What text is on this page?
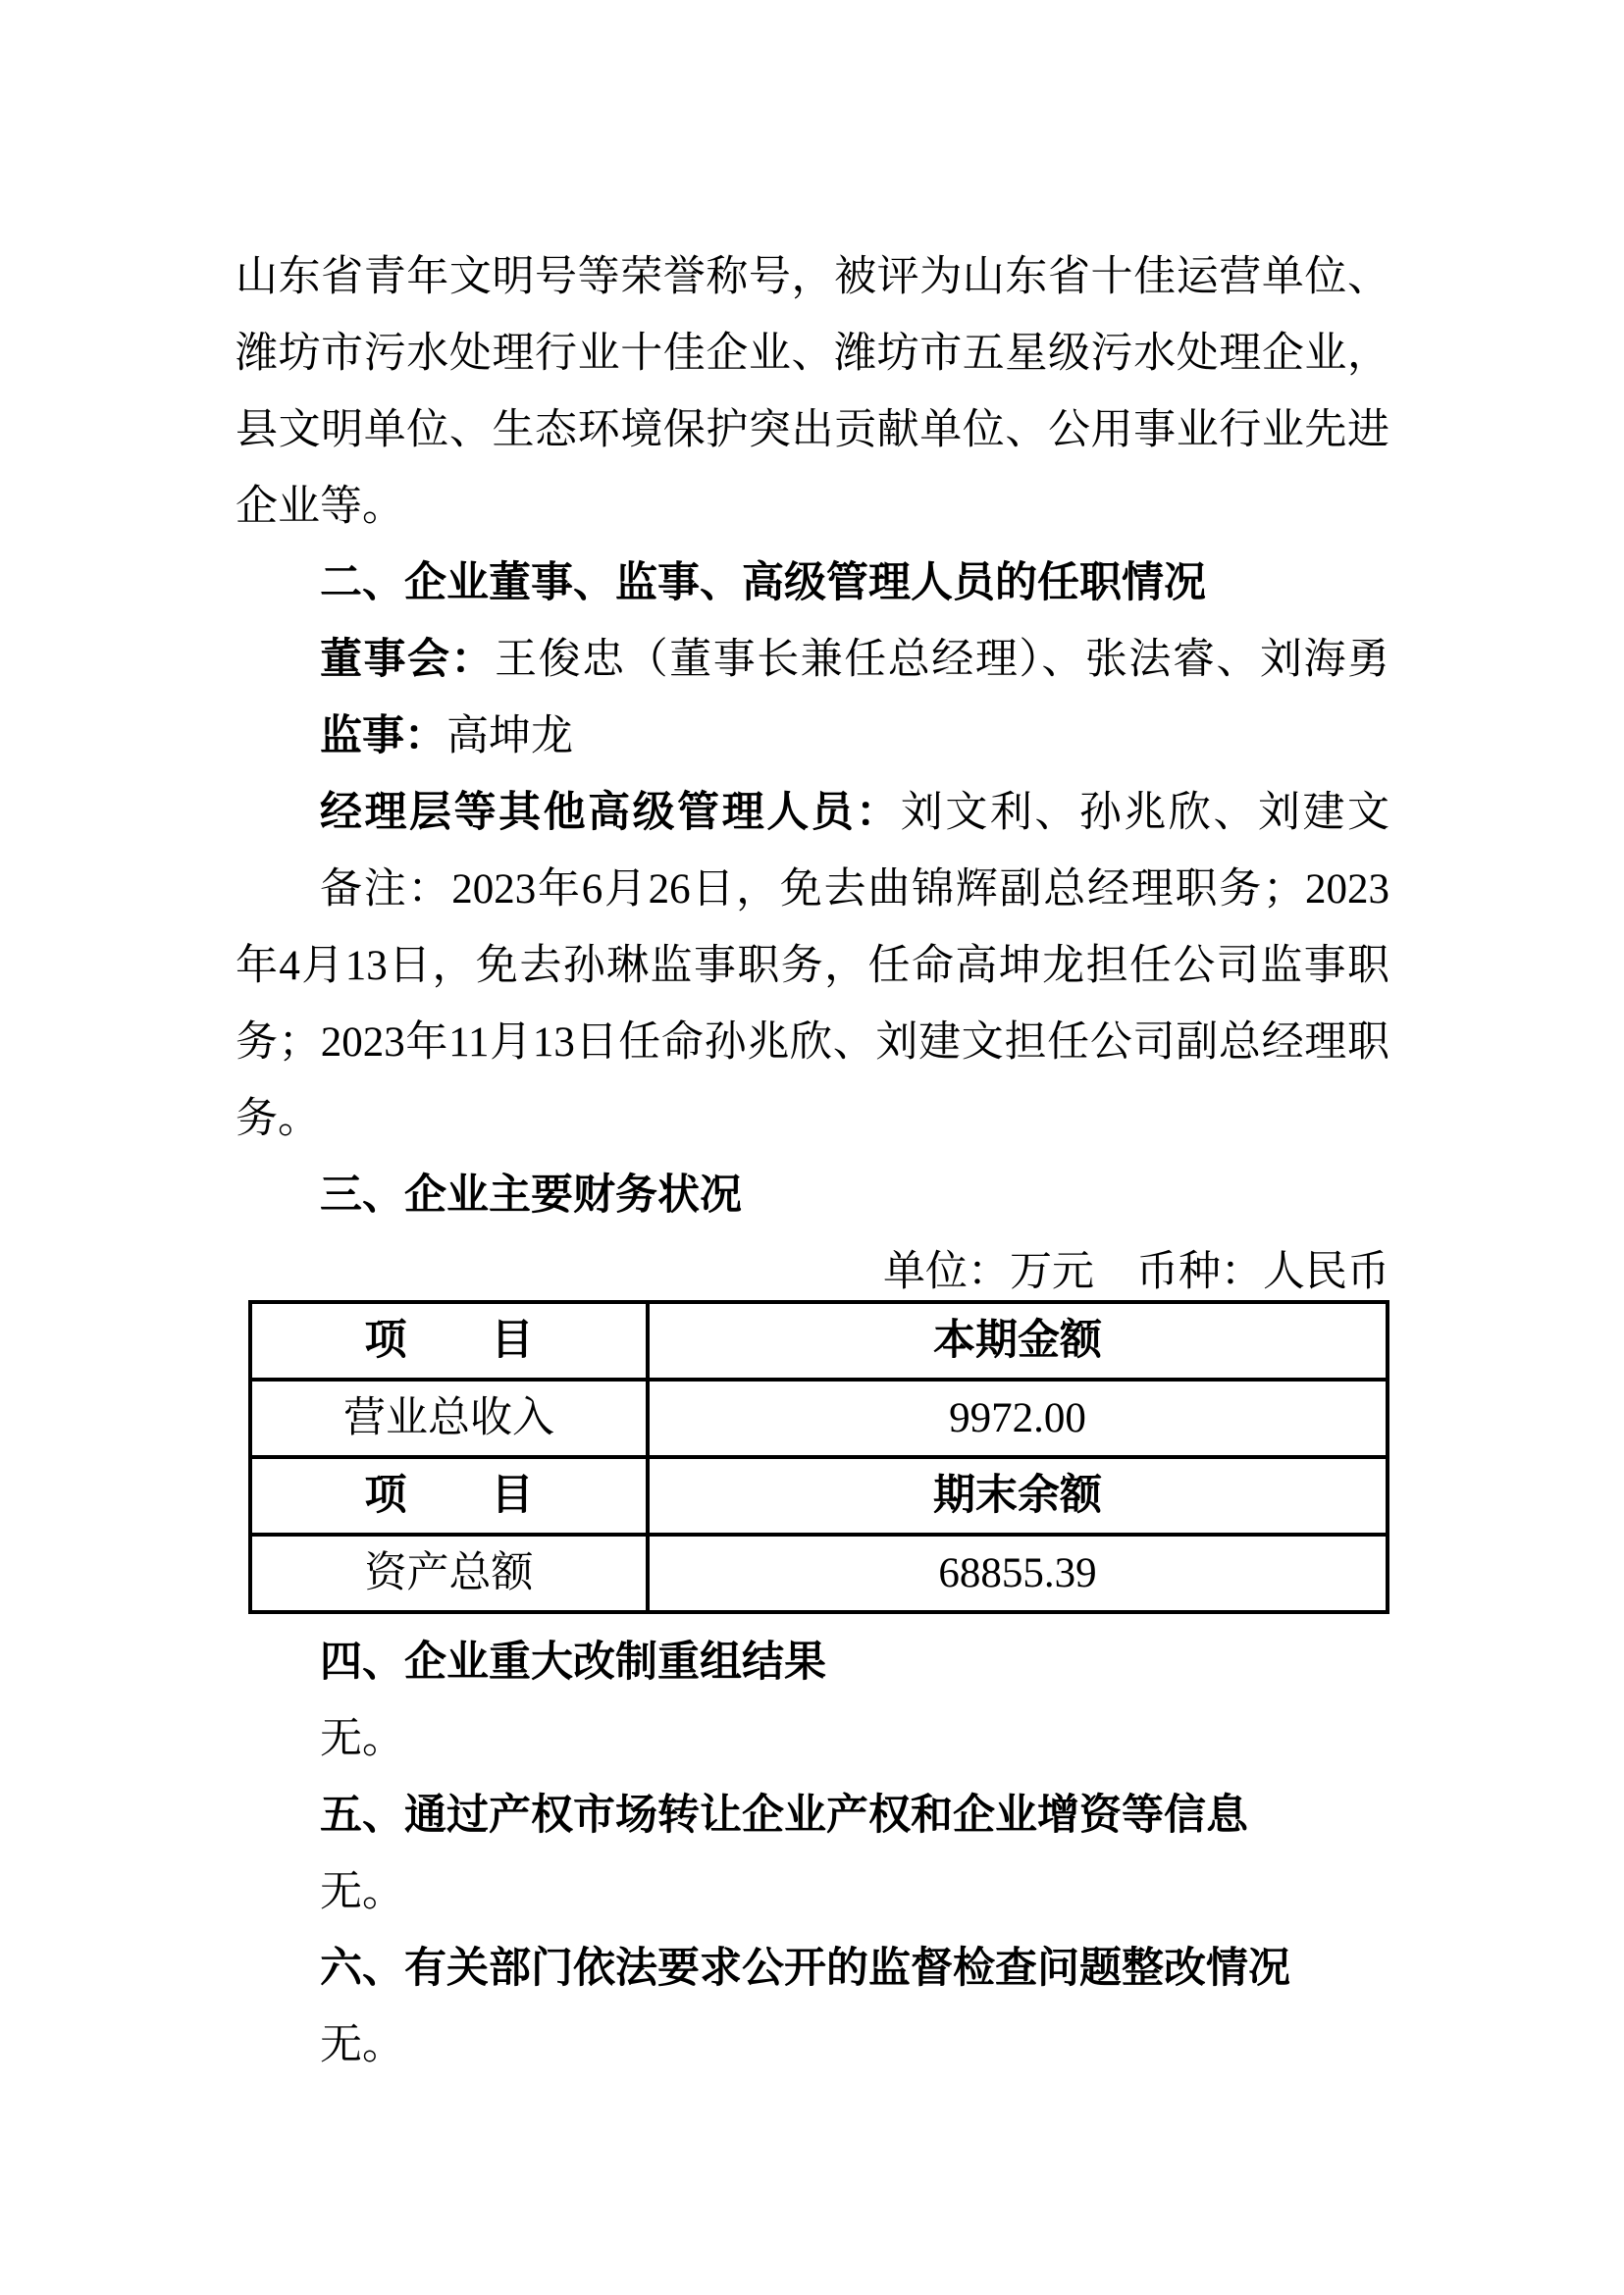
山东省青年文明号等荣誉称号，被评为山东省十佳运营单位、
潍坊市污水处理行业十佳企业、潍坊市五星级污水处理企业，
县文明单位、生态环境保护突出贡献单位、公用事业行业先进
企业等。
二、企业董事、监事、高级管理人员的任职情况
董事会：王俊忠（董事长兼任总经理）、张法睿、刘海勇
监事：高坤龙
经理层等其他高级管理人员：刘文利、孙兆欣、刘建文
备注：2023年6月26日，免去曲锦辉副总经理职务；2023
年4月13日，免去孙琳监事职务，任命高坤龙担任公司监事职
务；2023年11月13日任命孙兆欣、刘建文担任公司副总经理职
务。
三、企业主要财务状况
单位：万元　币种：人民币
项　　目	本期金额
营业总收入	9972.00
项　　目	期末余额
资产总额	68855.39
四、企业重大改制重组结果
无。
五、通过产权市场转让企业产权和企业增资等信息
无。
六、有关部门依法要求公开的监督检查问题整改情况
无。
